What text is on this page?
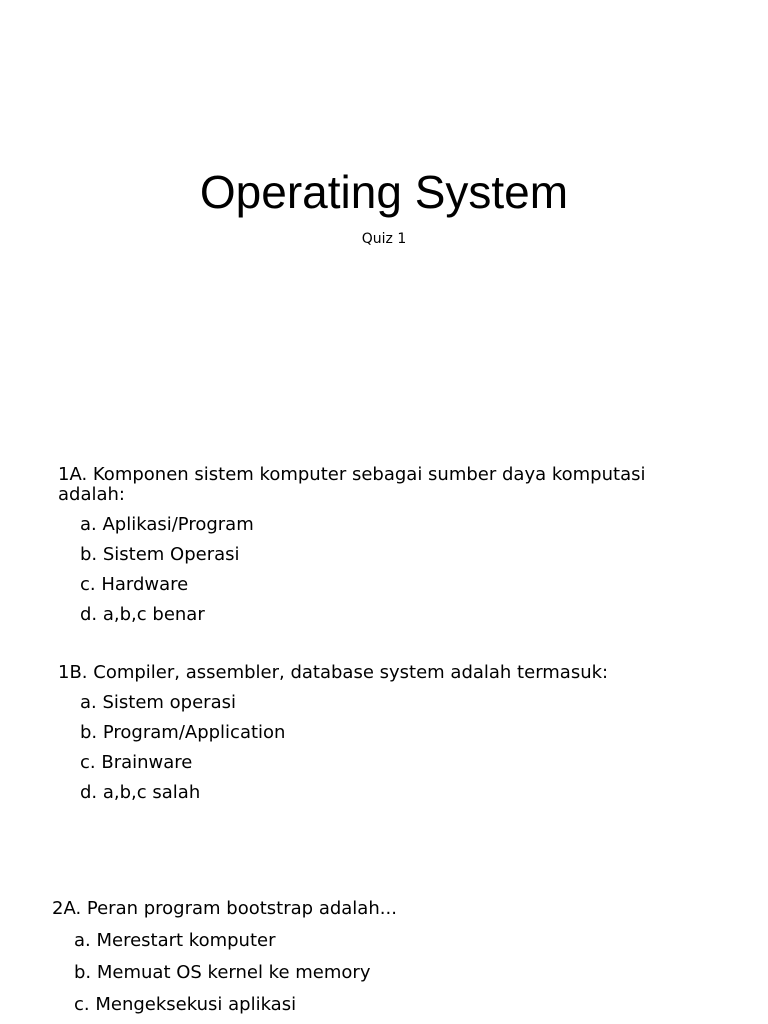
Operating System
Quiz 1

1A. Komponen sistem komputer sebagai sumber daya komputasi adalah:

a. Aplikasi/Program
b. Sistem Operasi
c. Hardware
d. a,b,c benar

1B. Compiler, assembler, database system adalah termasuk:

a. Sistem operasi
b. Program/Application
c. Brainware
d. a,b,c salah

2A. Peran program bootstrap adalah...

a. Merestart komputer
b. Memuat OS kernel ke memory
c. Mengeksekusi aplikasi
